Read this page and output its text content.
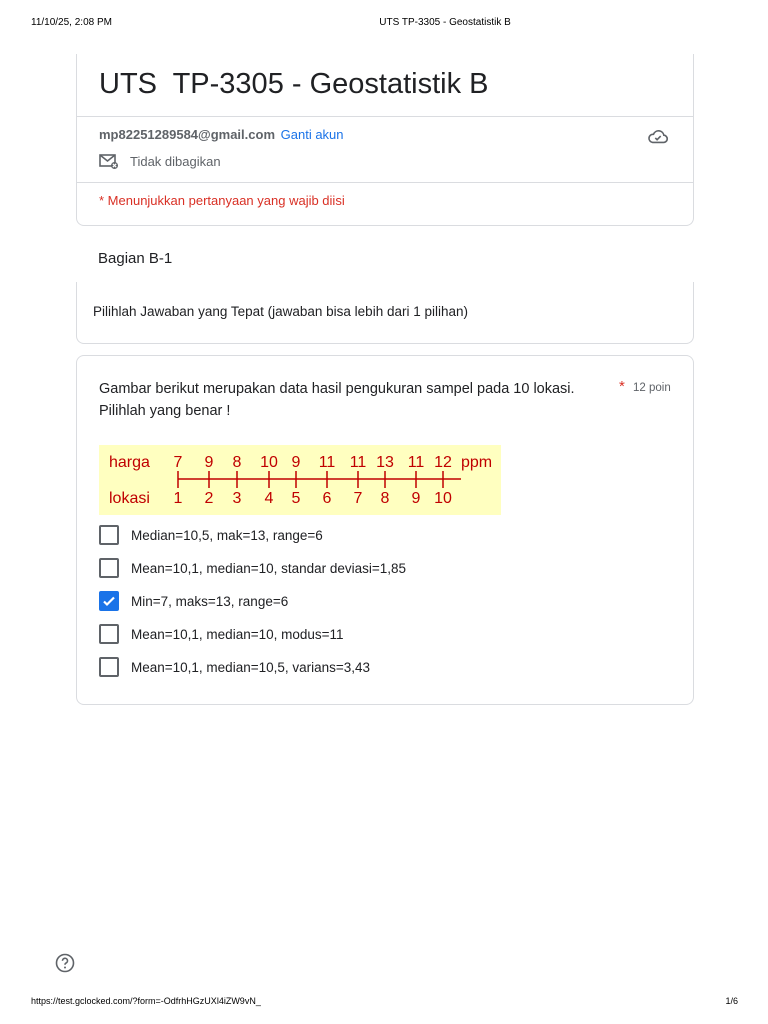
11/10/25, 2:08 PM	UTS TP-3305 - Geostatistik B
UTS  TP-3305 - Geostatistik B
mp82251289584@gmail.com Ganti akun
Tidak dibagikan
* Menunjukkan pertanyaan yang wajib diisi
Bagian B-1
Pilihlah Jawaban yang Tepat (jawaban bisa lebih dari 1 pilihan)
Gambar berikut merupakan data hasil pengukuran sampel pada 10 lokasi.
Pilihlah yang benar !
* 12 poin
harga
lokasi
7
1
9
2
8
3
10
4
9
5
11
6
11
7
13
8
11
9
12
10
ppm
Median=10,5, mak=13, range=6
Mean=10,1, median=10, standar deviasi=1,85
Min=7, maks=13, range=6
Mean=10,1, median=10, modus=11
Mean=10,1, median=10,5, varians=3,43
https://test.gclocked.com/?form=-OdfrhHGzUXl4iZW9vN_	1/6
